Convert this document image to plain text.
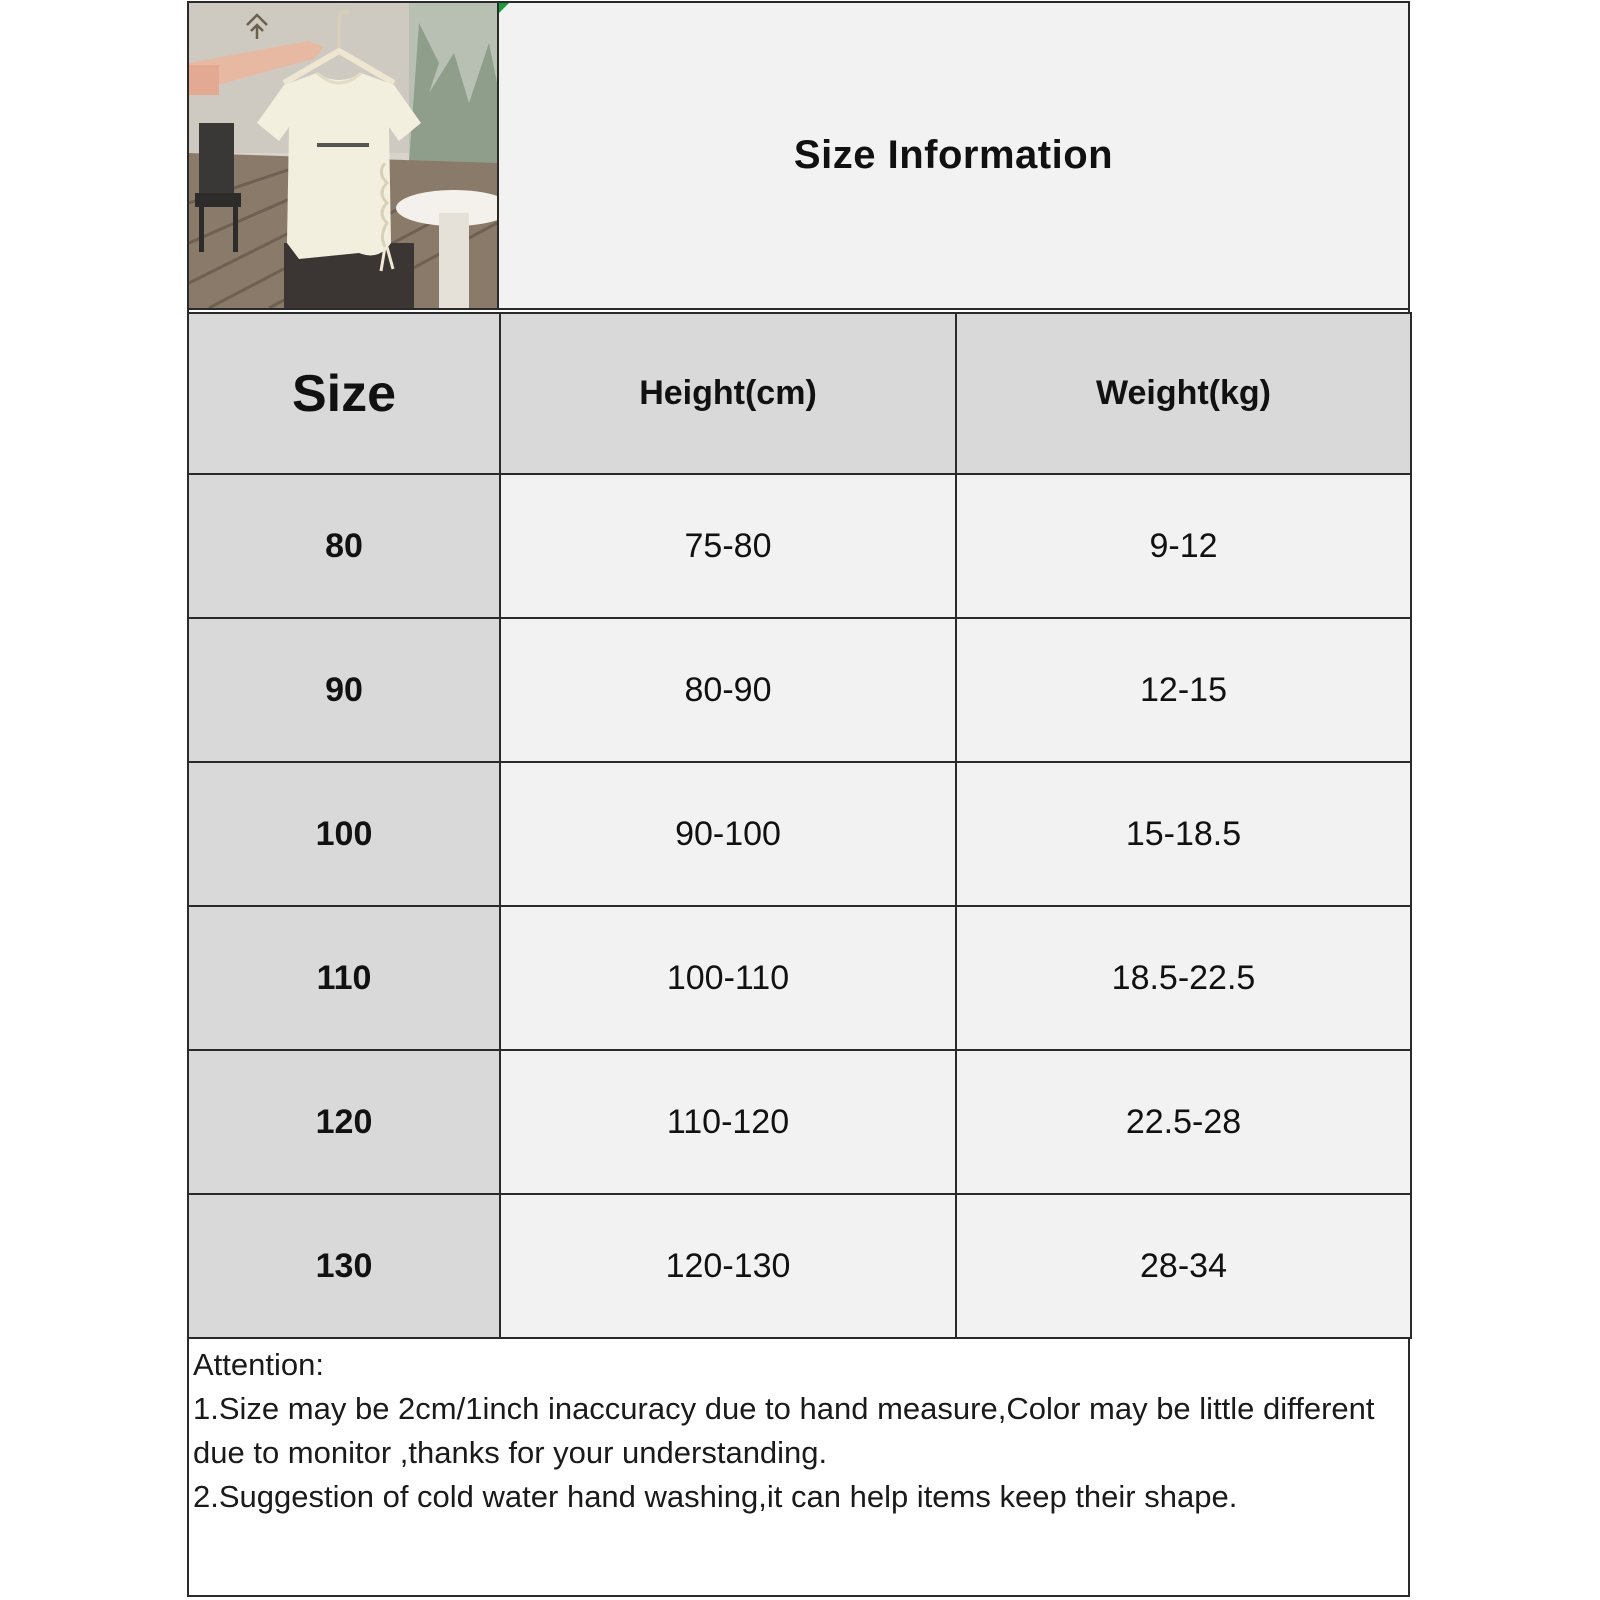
Size Information
Size	Height(cm)	Weight(kg)
80	75-80	9-12
90	80-90	12-15
100	90-100	15-18.5
110	100-110	18.5-22.5
120	110-120	22.5-28
130	120-130	28-34
Attention:
1.Size may be 2cm/1inch inaccuracy due to hand measure,Color may be little different due to monitor ,thanks for your understanding.
2.Suggestion of cold water hand washing,it can help items keep their shape.
